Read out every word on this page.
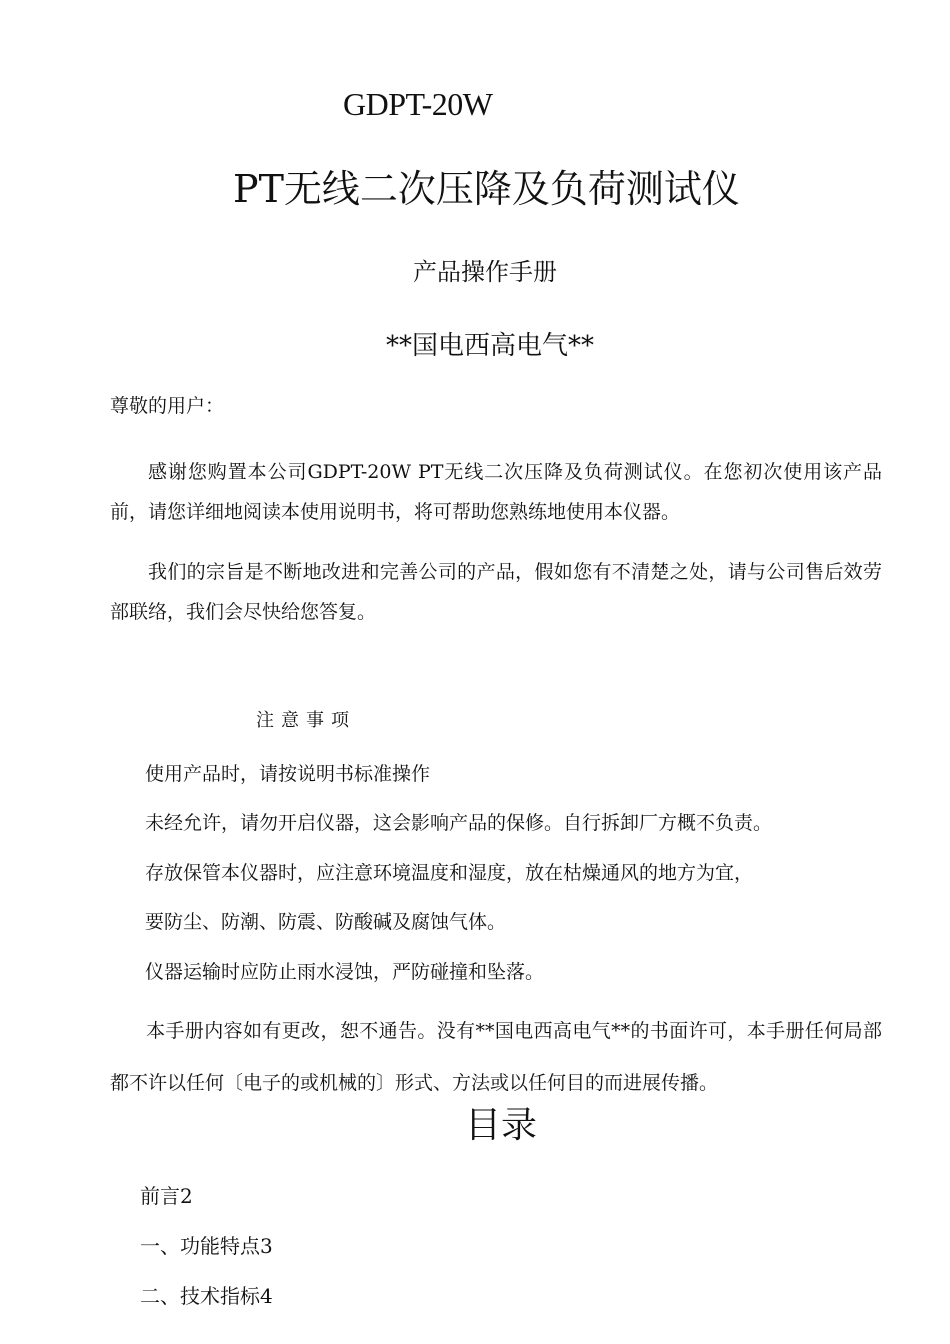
GDPT-20W
PT无线二次压降及负荷测试仪
产品操作手册
**国电西高电气**
尊敬的用户：

感谢您购置本公司GDPT-20W PT无线二次压降及负荷测试仪。在您初次使用该产品前，请您详细地阅读本使用说明书，将可帮助您熟练地使用本仪器。

我们的宗旨是不断地改进和完善公司的产品，假如您有不清楚之处，请与公司售后效劳部联络，我们会尽快给您答复。

注意事项
使用产品时，请按说明书标准操作
未经允许，请勿开启仪器，这会影响产品的保修。自行拆卸厂方概不负责。
存放保管本仪器时，应注意环境温度和湿度，放在枯燥通风的地方为宜，
要防尘、防潮、防震、防酸碱及腐蚀气体。
仪器运输时应防止雨水浸蚀，严防碰撞和坠落。

本手册内容如有更改，恕不通告。没有**国电西高电气**的书面许可，本手册任何局部都不许以任何〔电子的或机械的〕形式、方法或以任何目的而进展传播。

目录
前言2
一、功能特点3
二、技术指标4
